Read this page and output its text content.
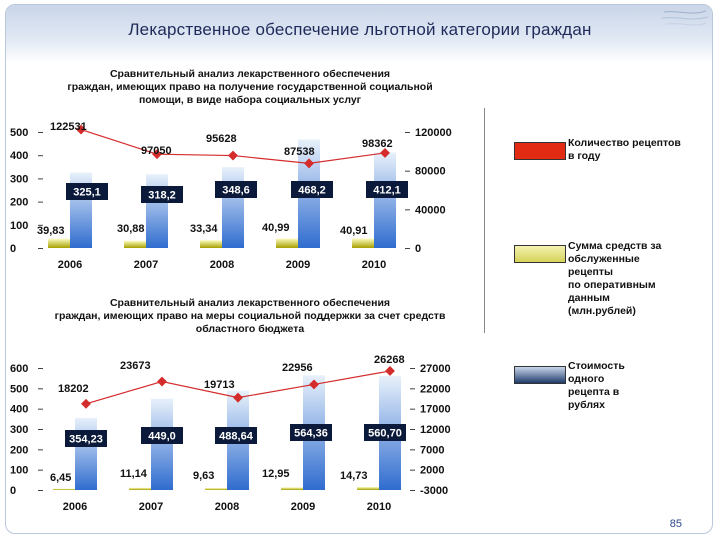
Лекарственное обеспечение льготной категории граждан
Сравнительный анализ лекарственного обеспечения
граждан, имеющих право на получение государственной социальной
помощи, в виде набора социальных услуг
0
100
200
300
400
500
0
40000
80000
120000
2006
325,1
39,83
2007
318,2
30,88
2008
348,6
33,34
2009
468,2
40,99
2010
412,1
40,91
122531
97050
95628
87538
98362
Сравнительный анализ лекарственного обеспечения
граждан, имеющих право на меры социальной поддержки за счет средств
областного бюджета
0
100
200
300
400
500
600
-3000
2000
7000
12000
17000
22000
27000
2006
354,23
6,45
2007
449,0
11,14
2008
488,64
9,63
2009
564,36
12,95
2010
560,70
14,73
18202
23673
19713
22956
26268
Количество рецептов
в году
Сумма средств за
обслуженные
рецепты
по оперативным
данным
(млн.рублей)
Стоимость
одного
рецепта в
рублях
85
